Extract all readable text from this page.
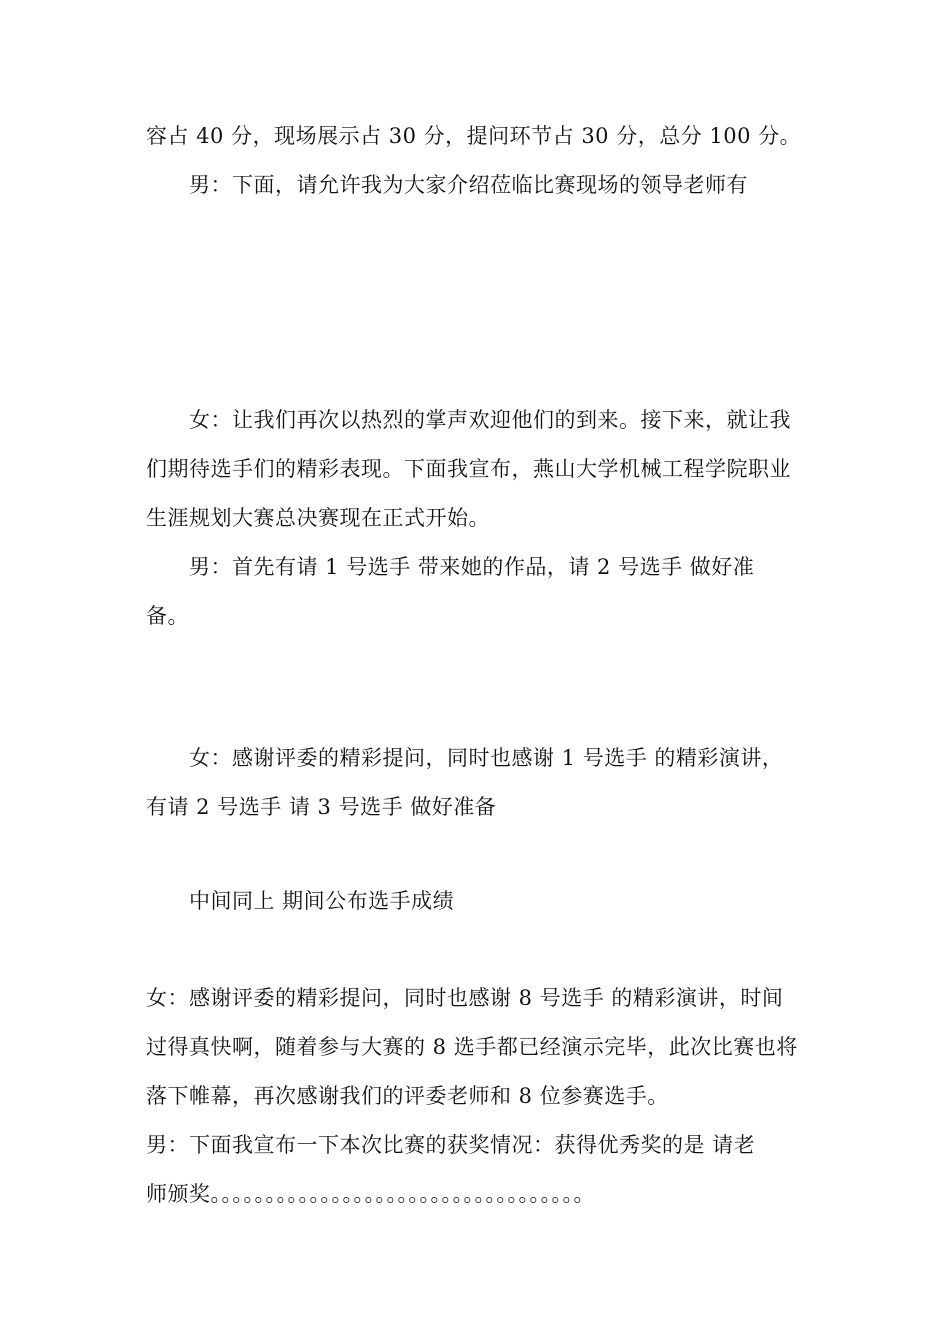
容占 40 分，现场展示占 30 分，提问环节占 30 分，总分 100 分。
男：下面，请允许我为大家介绍莅临比赛现场的领导老师有
女：让我们再次以热烈的掌声欢迎他们的到来。接下来，就让我
们期待选手们的精彩表现。下面我宣布，燕山大学机械工程学院职业
生涯规划大赛总决赛现在正式开始。
男：首先有请 1 号选手 带来她的作品，请 2 号选手 做好准
备。
女：感谢评委的精彩提问，同时也感谢 1 号选手 的精彩演讲，
有请 2 号选手 请 3 号选手 做好准备
中间同上 期间公布选手成绩
女：感谢评委的精彩提问，同时也感谢 8 号选手 的精彩演讲，时间
过得真快啊，随着参与大赛的 8 选手都已经演示完毕，此次比赛也将
落下帷幕，再次感谢我们的评委老师和 8 位参赛选手。
男：下面我宣布一下本次比赛的获奖情况：获得优秀奖的是 请老
师颁奖。。。。。。。。。。。。。。。。。。。。。。。。。。。。。。。。。。
